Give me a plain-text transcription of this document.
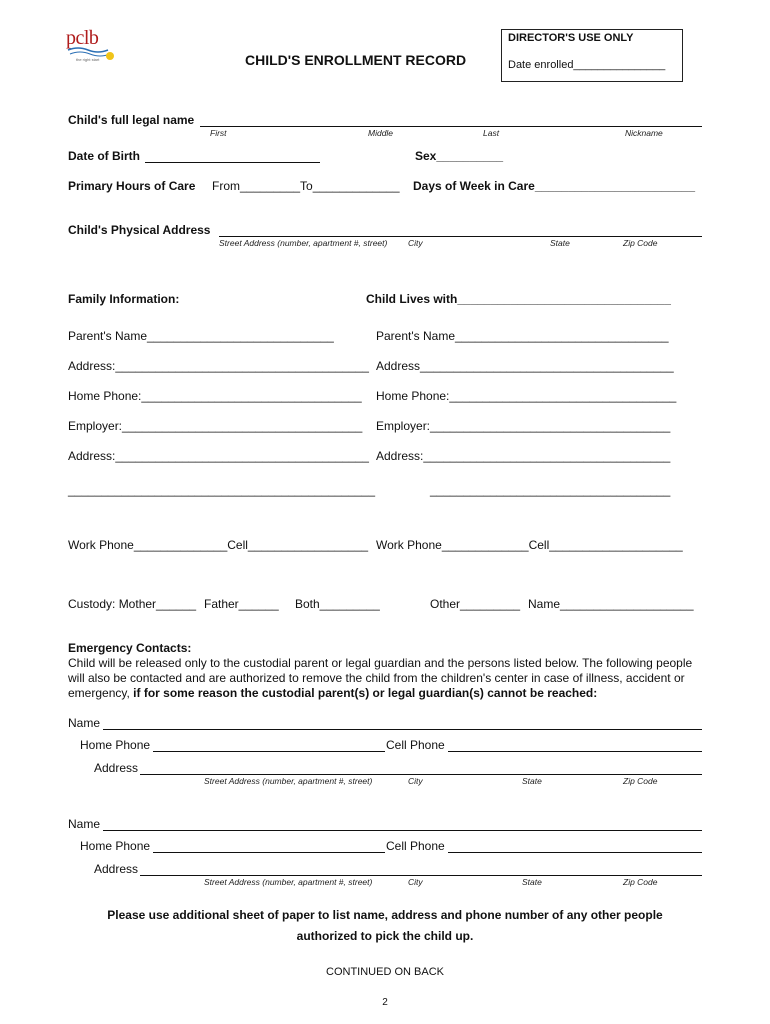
pclb
the right start	CHILD'S ENROLLMENT RECORD
DIRECTOR'S USE ONLY
Date enrolled_______________
Child's full legal name
First	Middle	Last	Nickname
Date of Birth	Sex__________
Primary Hours of Care From_________To_____________ Days of Week in Care________________________
Child's Physical Address
Street Address (number, apartment #, street) City	State	Zip Code
Family Information:	Child Lives with________________________________
Parent's Name____________________________	Parent's Name________________________________
Address:______________________________________ Address______________________________________
Home Phone:_________________________________ Home Phone:__________________________________
Employer:____________________________________ Employer:____________________________________
Address:______________________________________ Address:_____________________________________
______________________________________________	____________________________________
Work Phone______________Cell__________________ Work Phone_____________Cell____________________
Custody: Mother______ Father______ Both_________	Other_________ Name____________________
Emergency Contacts:
Child will be released only to the custodial parent or legal guardian and the persons listed below. The following people will also be contacted and are authorized to remove the child from the children's center in case of illness, accident or emergency, if for some reason the custodial parent(s) or legal guardian(s) cannot be reached:
Name
Home Phone	Cell Phone
Address
Street Address (number, apartment #, street)	City	State	Zip Code
Name
Home Phone	Cell Phone
Address
Street Address (number, apartment #, street)	City	State	Zip Code
Please use additional sheet of paper to list name, address and phone number of any other people
authorized to pick the child up.
CONTINUED ON BACK
2
